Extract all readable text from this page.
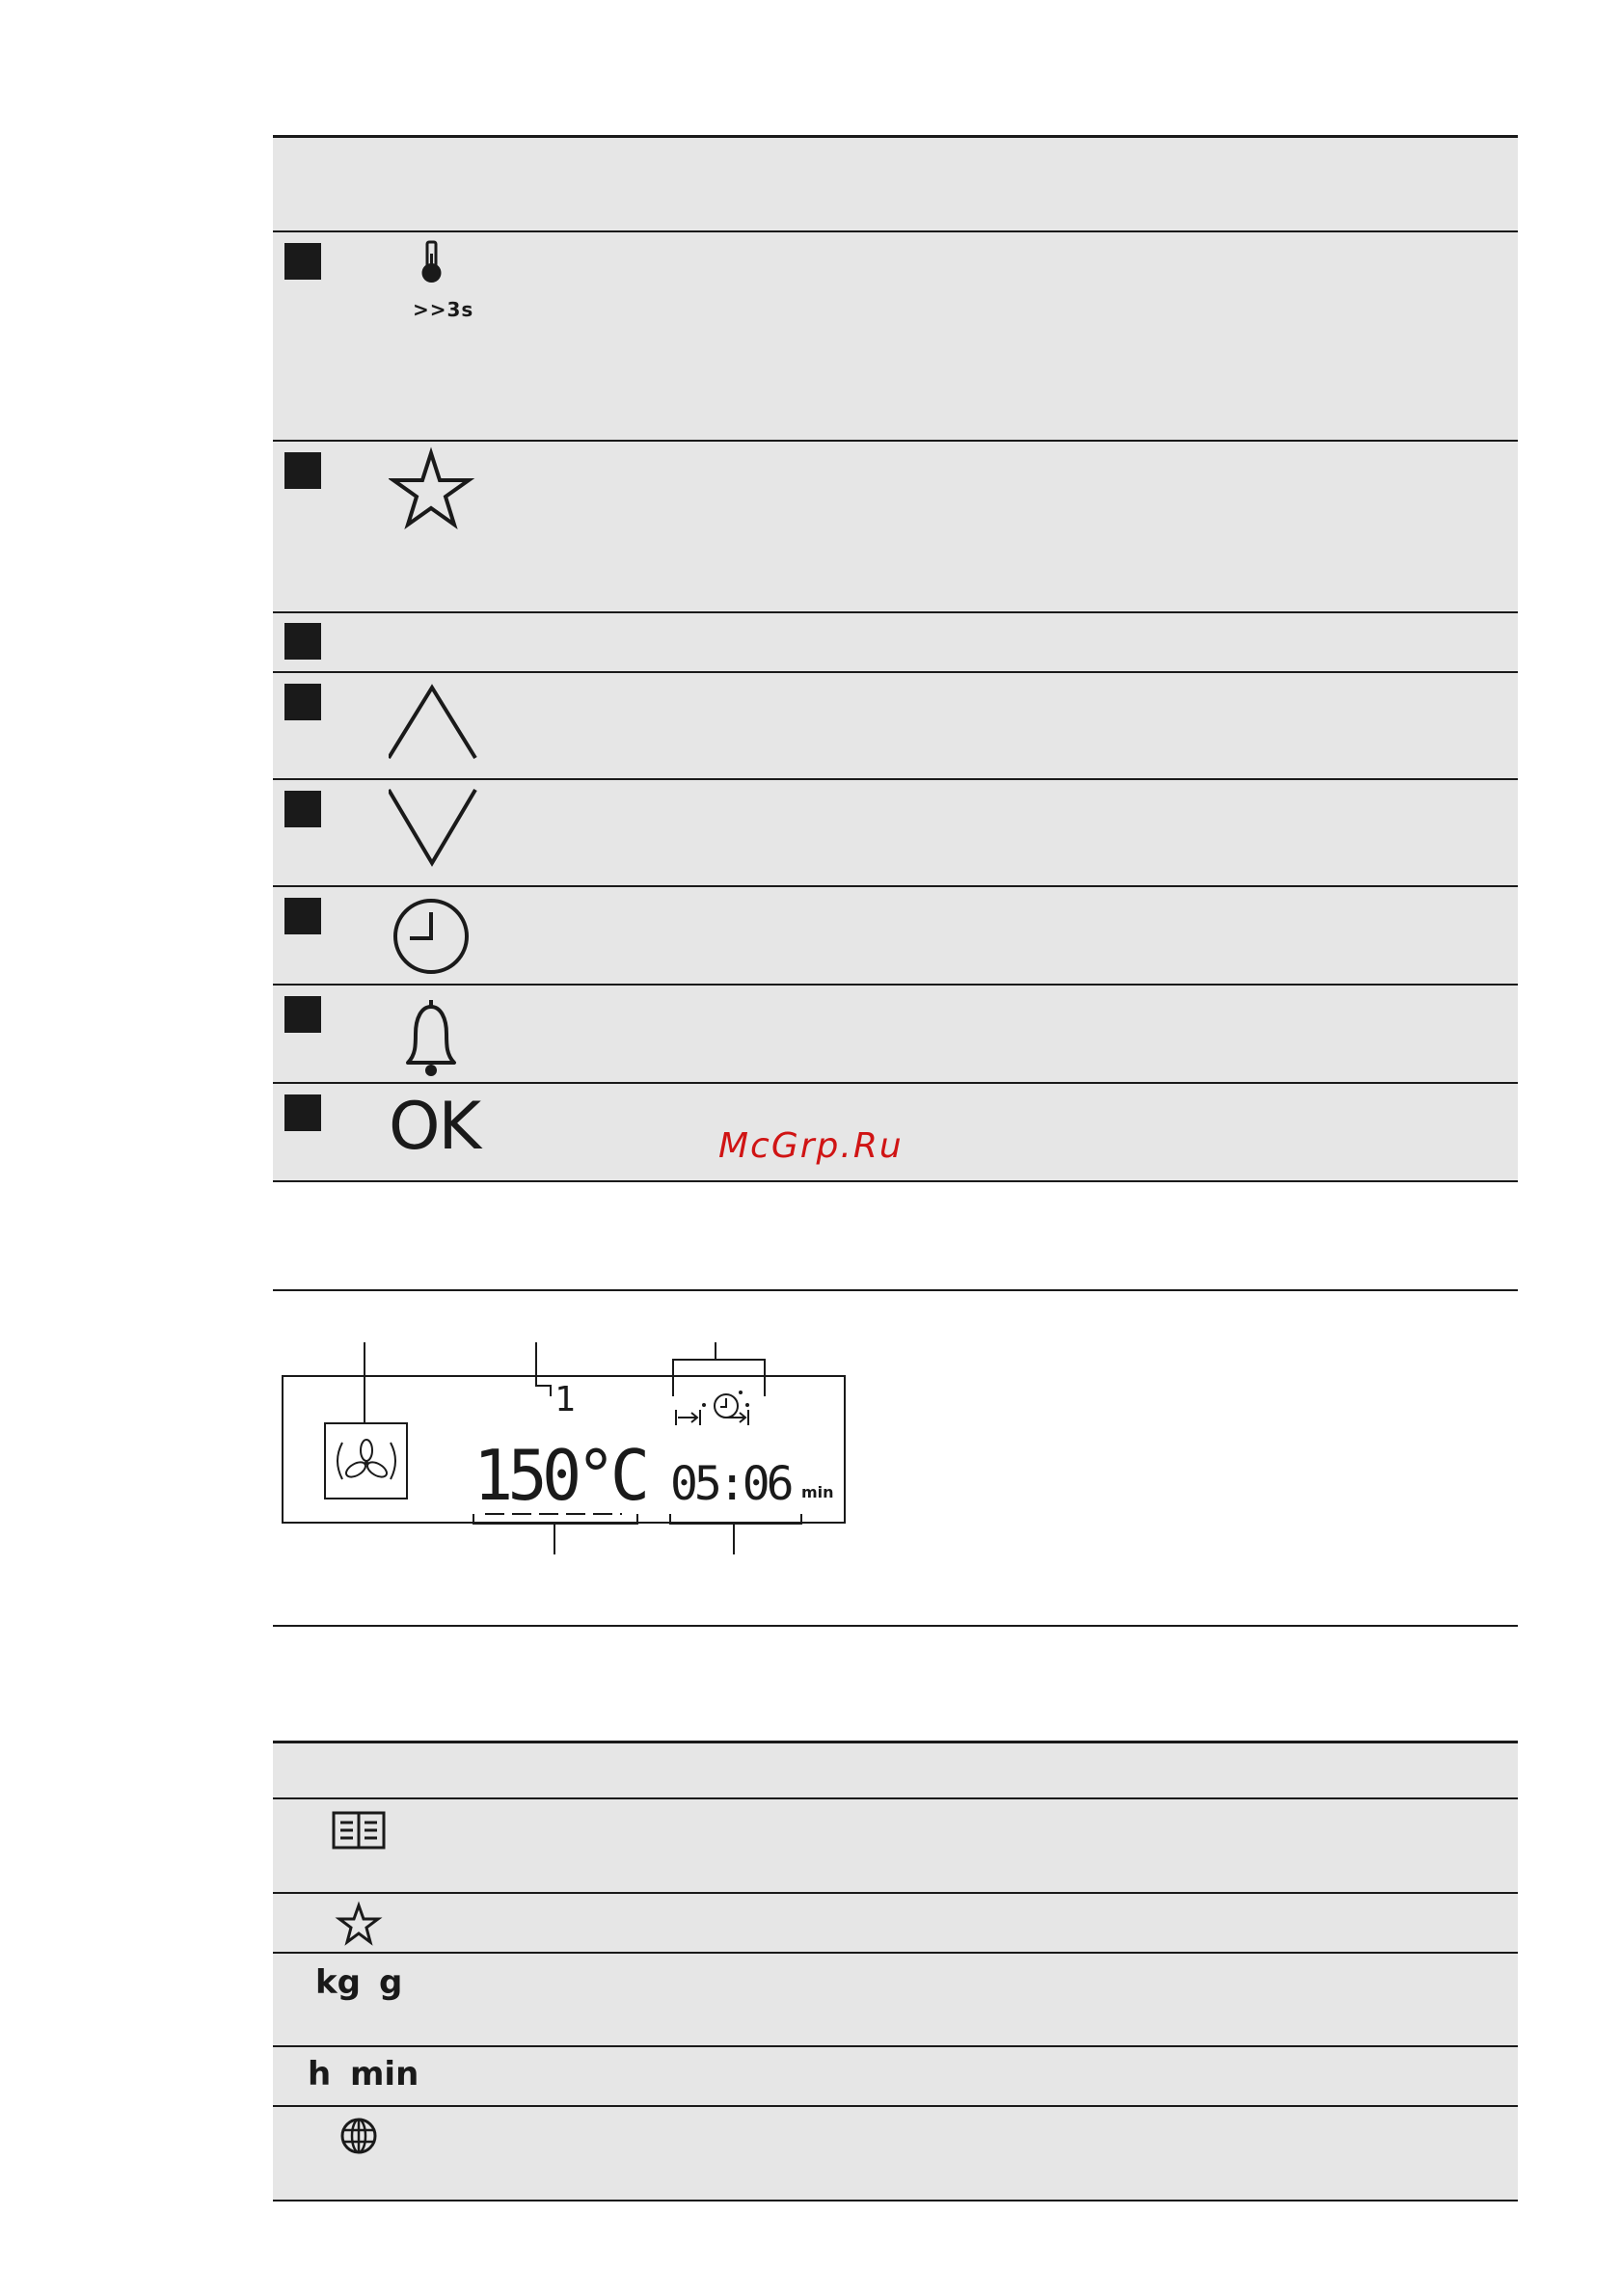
>>3s
OK	McGrp.Ru
1
150°C 05:06 min
kg g
h min
